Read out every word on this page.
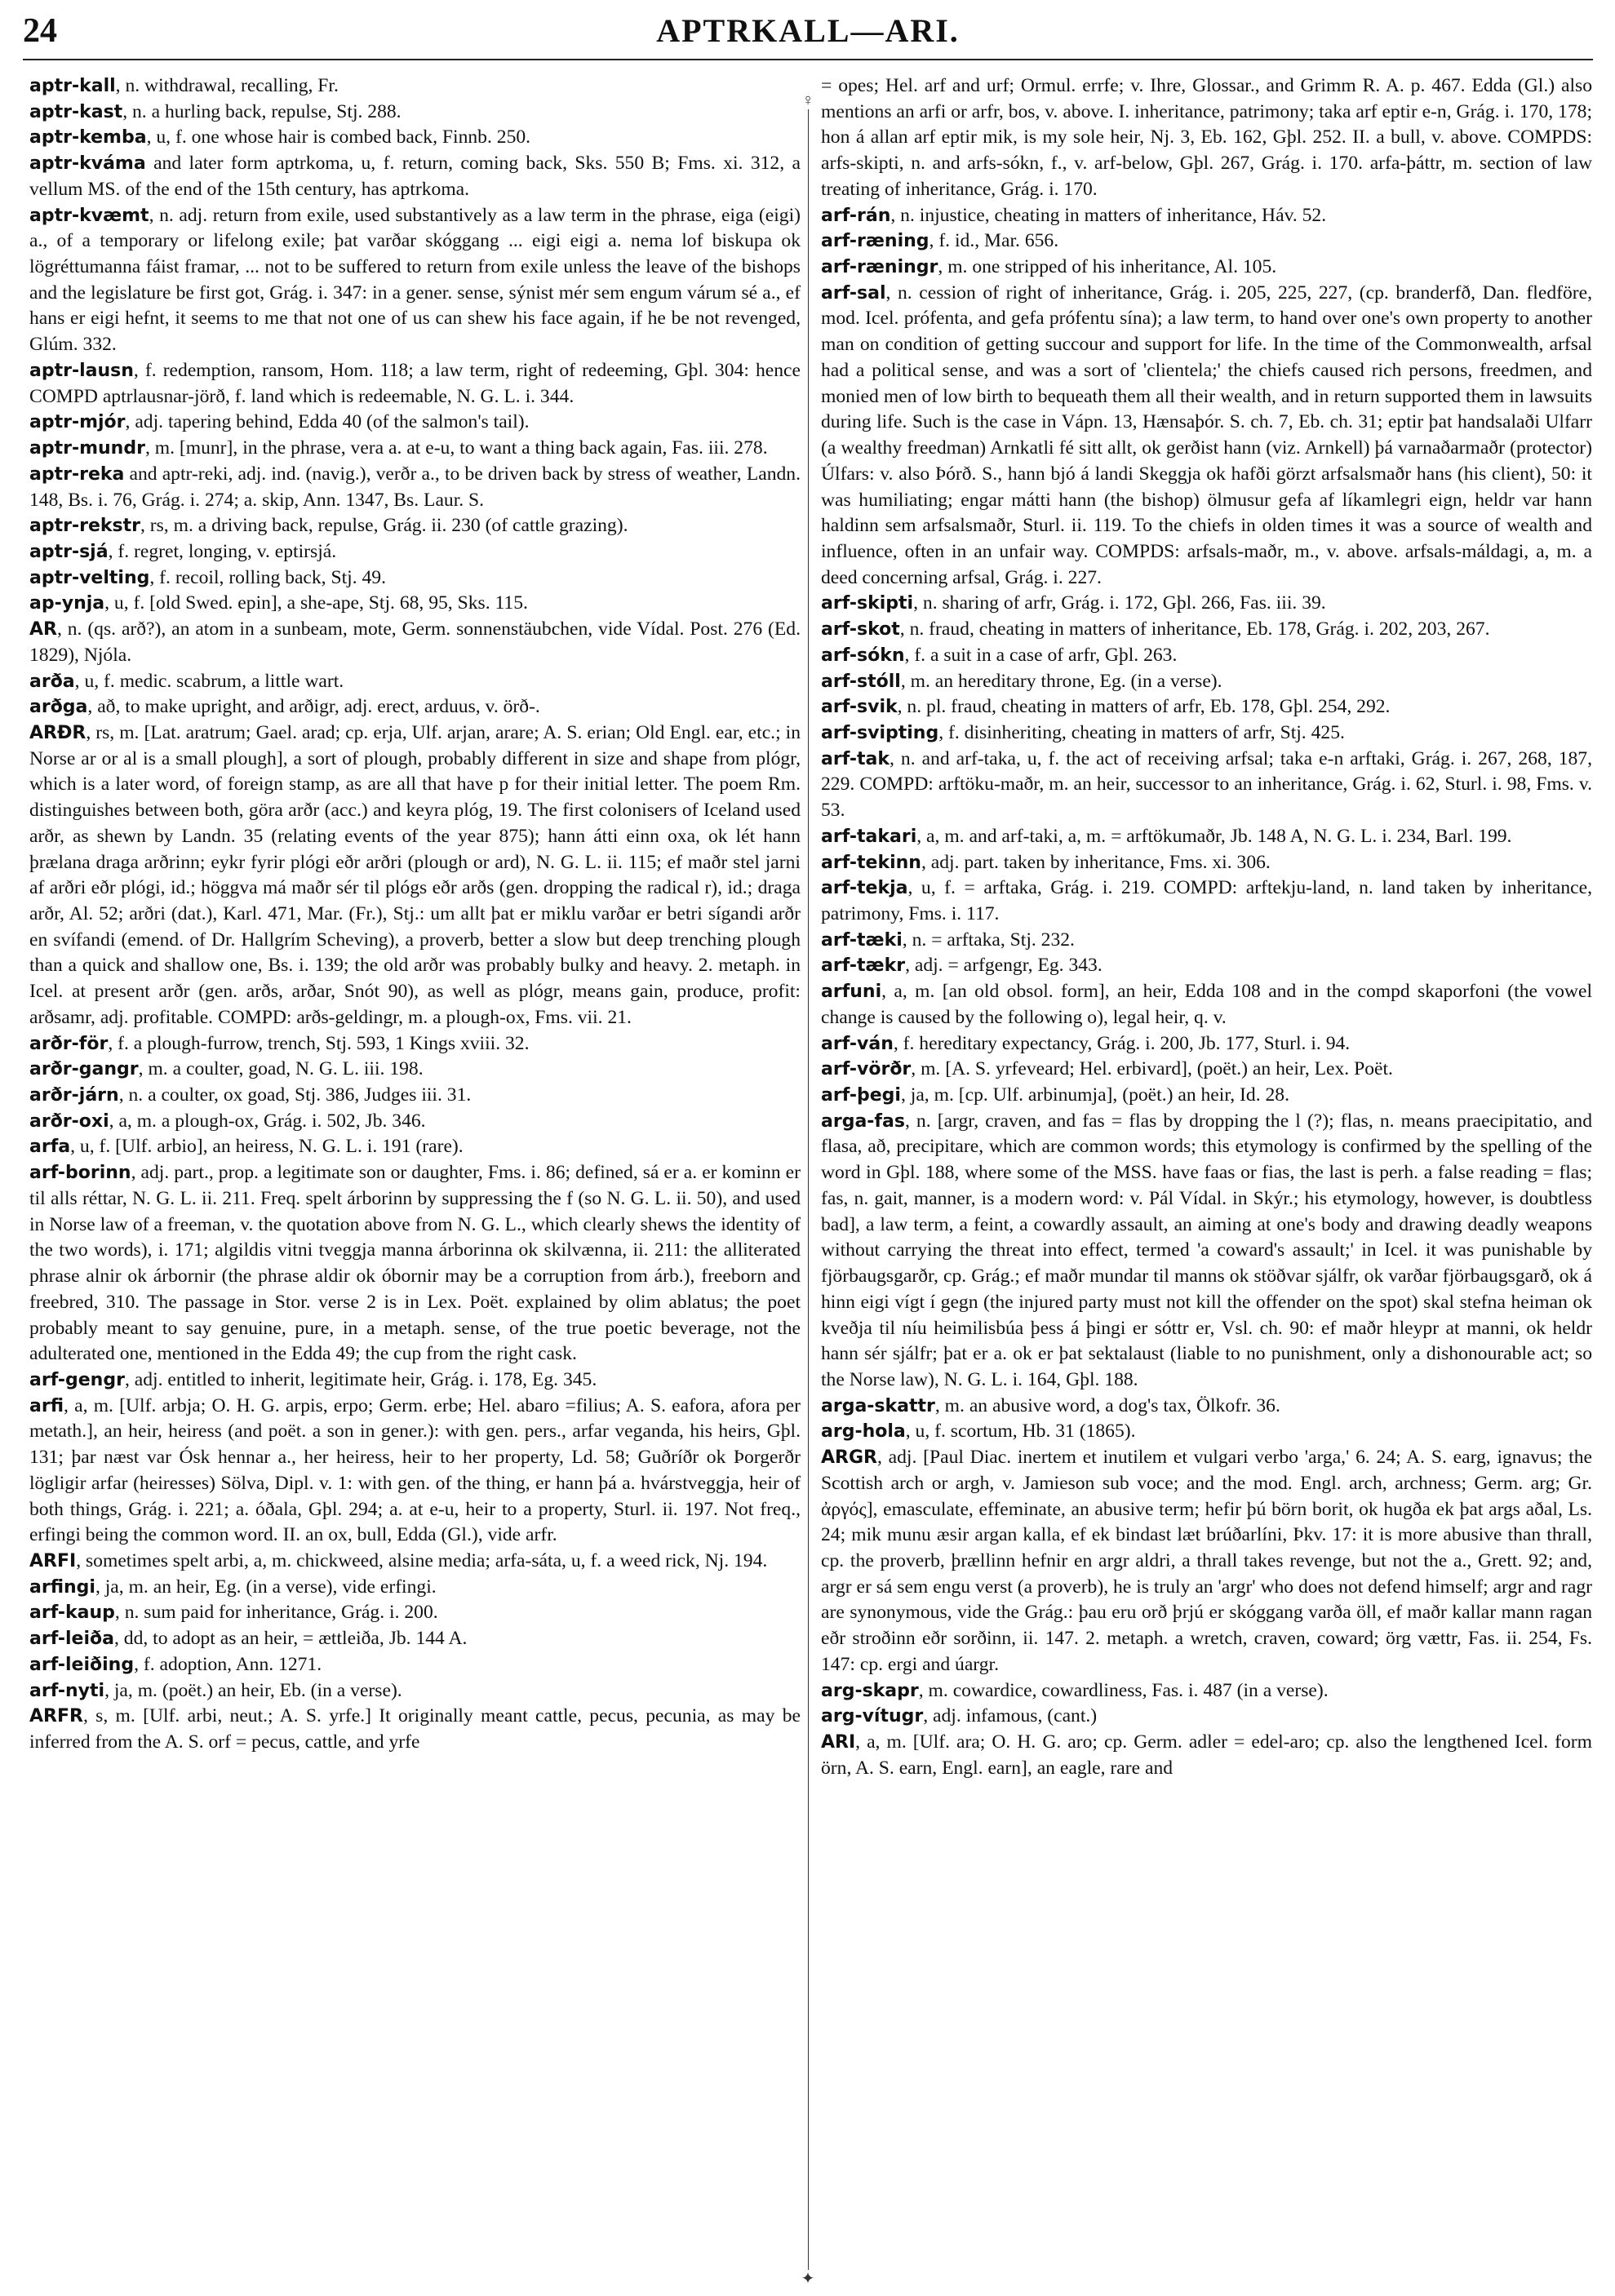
24	APTRKALL—ARI.

aptr-kall, n. withdrawal, recalling, Fr.

aptr-kast, n. a hurling back, repulse, Stj. 288.

aptr-kemba, u, f. one whose hair is combed back, Finnb. 250.

aptr-kváma and later form aptrkoma, u, f. return, coming back, Sks. 550 B; Fms. xi. 312, a vellum MS. of the end of the 15th century, has aptrkoma.

aptr-kvæmt, n. adj. return from exile, used substantively as a law term in the phrase, eiga (eigi) a., of a temporary or lifelong exile; þat varðar skóggang ... eigi eigi a. nema lof biskupa ok lögréttumanna fáist framar, ... not to be suffered to return from exile unless the leave of the bishops and the legislature be first got, Grág. i. 347: in a gener. sense, sýnist mér sem engum várum sé a., ef hans er eigi hefnt, it seems to me that not one of us can shew his face again, if he be not revenged, Glúm. 332.

aptr-lausn, f. redemption, ransom, Hom. 118; a law term, right of redeeming, Gþl. 304: hence COMPD aptrlausnar-jörð, f. land which is redeemable, N. G. L. i. 344.

aptr-mjór, adj. tapering behind, Edda 40 (of the salmon's tail).

aptr-mundr, m. [munr], in the phrase, vera a. at e-u, to want a thing back again, Fas. iii. 278.

aptr-reka and aptr-reki, adj. ind. (navig.), verðr a., to be driven back by stress of weather, Landn. 148, Bs. i. 76, Grág. i. 274; a. skip, Ann. 1347, Bs. Laur. S.

aptr-rekstr, rs, m. a driving back, repulse, Grág. ii. 230 (of cattle grazing).

aptr-sjá, f. regret, longing, v. eptirsjá.

aptr-velting, f. recoil, rolling back, Stj. 49.

ap-ynja, u, f. [old Swed. epin], a she-ape, Stj. 68, 95, Sks. 115.

AR, n. (qs. arð?), an atom in a sunbeam, mote, Germ. sonnenstäubchen, vide Vídal. Post. 276 (Ed. 1829), Njóla.

arða, u, f. medic. scabrum, a little wart.

arðga, að, to make upright, and arðigr, adj. erect, arduus, v. örð-.

ARÐR, rs, m. [Lat. aratrum; Gael. arad; cp. erja, Ulf. arjan, arare; A. S. erian; Old Engl. ear, etc.; in Norse ar or al is a small plough], a sort of plough, probably different in size and shape from plógr, which is a later word, of foreign stamp, as are all that have p for their initial letter. The poem Rm. distinguishes between both, göra arðr (acc.) and keyra plóg, 19. The first colonisers of Iceland used arðr, as shewn by Landn. 35 (relating events of the year 875); hann átti einn oxa, ok lét hann þrælana draga arðrinn; eykr fyrir plógi eðr arðri (plough or ard), N. G. L. ii. 115; ef maðr stel jarni af arðri eðr plógi, id.; höggva má maðr sér til plógs eðr arðs (gen. dropping the radical r), id.; draga arðr, Al. 52; arðri (dat.), Karl. 471, Mar. (Fr.), Stj.: um allt þat er miklu varðar er betri sígandi arðr en svífandi (emend. of Dr. Hallgrím Scheving), a proverb, better a slow but deep trenching plough than a quick and shallow one, Bs. i. 139; the old arðr was probably bulky and heavy. 2. metaph. in Icel. at present arðr (gen. arðs, arðar, Snót 90), as well as plógr, means gain, produce, profit: arðsamr, adj. profitable. COMPD: arðs-geldingr, m. a plough-ox, Fms. vii. 21.

arðr-för, f. a plough-furrow, trench, Stj. 593, 1 Kings xviii. 32.

arðr-gangr, m. a coulter, goad, N. G. L. iii. 198.

arðr-járn, n. a coulter, ox goad, Stj. 386, Judges iii. 31.

arðr-oxi, a, m. a plough-ox, Grág. i. 502, Jb. 346.

arfa, u, f. [Ulf. arbio], an heiress, N. G. L. i. 191 (rare).

arf-borinn, adj. part., prop. a legitimate son or daughter, Fms. i. 86; defined, sá er a. er kominn er til alls réttar, N. G. L. ii. 211. Freq. spelt árborinn by suppressing the f (so N. G. L. ii. 50), and used in Norse law of a freeman, v. the quotation above from N. G. L., which clearly shews the identity of the two words), i. 171; algildis vitni tveggja manna árborinna ok skilvænna, ii. 211: the alliterated phrase alnir ok árbornir (the phrase aldir ok óbornir may be a corruption from árb.), freeborn and freebred, 310. The passage in Stor. verse 2 is in Lex. Poët. explained by olim ablatus; the poet probably meant to say genuine, pure, in a metaph. sense, of the true poetic beverage, not the adulterated one, mentioned in the Edda 49; the cup from the right cask.

arf-gengr, adj. entitled to inherit, legitimate heir, Grág. i. 178, Eg. 345.

arfi, a, m. [Ulf. arbja; O. H. G. arpis, erpo; Germ. erbe; Hel. abaro =filius; A. S. eafora, afora per metath.], an heir, heiress (and poët. a son in gener.): with gen. pers., arfar veganda, his heirs, Gþl. 131; þar næst var Ósk hennar a., her heiress, heir to her property, Ld. 58; Guðríðr ok Þorgerðr lögligir arfar (heiresses) Sölva, Dipl. v. 1: with gen. of the thing, er hann þá a. hvárstveggja, heir of both things, Grág. i. 221; a. óðala, Gþl. 294; a. at e-u, heir to a property, Sturl. ii. 197. Not freq., erfingi being the common word. II. an ox, bull, Edda (Gl.), vide arfr.

ARFI, sometimes spelt arbi, a, m. chickweed, alsine media; arfa-sáta, u, f. a weed rick, Nj. 194.

arfingi, ja, m. an heir, Eg. (in a verse), vide erfingi.

arf-kaup, n. sum paid for inheritance, Grág. i. 200.

arf-leiða, dd, to adopt as an heir, = ættleiða, Jb. 144 A.

arf-leiðing, f. adoption, Ann. 1271.

arf-nyti, ja, m. (poët.) an heir, Eb. (in a verse).

ARFR, s, m. [Ulf. arbi, neut.; A. S. yrfe.] It originally meant cattle, pecus, pecunia, as may be inferred from the A. S. orf = pecus, cattle, and yrfe

♀
✦

= opes; Hel. arf and urf; Ormul. errfe; v. Ihre, Glossar., and Grimm R. A. p. 467. Edda (Gl.) also mentions an arfi or arfr, bos, v. above. I. inheritance, patrimony; taka arf eptir e-n, Grág. i. 170, 178; hon á allan arf eptir mik, is my sole heir, Nj. 3, Eb. 162, Gþl. 252. II. a bull, v. above. COMPDS: arfs-skipti, n. and arfs-sókn, f., v. arf-below, Gþl. 267, Grág. i. 170. arfa-þáttr, m. section of law treating of inheritance, Grág. i. 170.

arf-rán, n. injustice, cheating in matters of inheritance, Háv. 52.

arf-ræning, f. id., Mar. 656.

arf-ræningr, m. one stripped of his inheritance, Al. 105.

arf-sal, n. cession of right of inheritance, Grág. i. 205, 225, 227, (cp. branderfð, Dan. fledföre, mod. Icel. prófenta, and gefa prófentu sína); a law term, to hand over one's own property to another man on condition of getting succour and support for life. In the time of the Commonwealth, arfsal had a political sense, and was a sort of 'clientela;' the chiefs caused rich persons, freedmen, and monied men of low birth to bequeath them all their wealth, and in return supported them in lawsuits during life. Such is the case in Vápn. 13, Hænsaþór. S. ch. 7, Eb. ch. 31; eptir þat handsalaði Ulfarr (a wealthy freedman) Arnkatli fé sitt allt, ok gerðist hann (viz. Arnkell) þá varnaðarmaðr (protector) Úlfars: v. also Þórð. S., hann bjó á landi Skeggja ok hafði görzt arfsalsmaðr hans (his client), 50: it was humiliating; engar mátti hann (the bishop) ölmusur gefa af líkamlegri eign, heldr var hann haldinn sem arfsalsmaðr, Sturl. ii. 119. To the chiefs in olden times it was a source of wealth and influence, often in an unfair way. COMPDS: arfsals-maðr, m., v. above. arfsals-máldagi, a, m. a deed concerning arfsal, Grág. i. 227.

arf-skipti, n. sharing of arfr, Grág. i. 172, Gþl. 266, Fas. iii. 39.

arf-skot, n. fraud, cheating in matters of inheritance, Eb. 178, Grág. i. 202, 203, 267.

arf-sókn, f. a suit in a case of arfr, Gþl. 263.

arf-stóll, m. an hereditary throne, Eg. (in a verse).

arf-svik, n. pl. fraud, cheating in matters of arfr, Eb. 178, Gþl. 254, 292.

arf-svipting, f. disinheriting, cheating in matters of arfr, Stj. 425.

arf-tak, n. and arf-taka, u, f. the act of receiving arfsal; taka e-n arftaki, Grág. i. 267, 268, 187, 229. COMPD: arftöku-maðr, m. an heir, successor to an inheritance, Grág. i. 62, Sturl. i. 98, Fms. v. 53.

arf-takari, a, m. and arf-taki, a, m. = arftökumaðr, Jb. 148 A, N. G. L. i. 234, Barl. 199.

arf-tekinn, adj. part. taken by inheritance, Fms. xi. 306.

arf-tekja, u, f. = arftaka, Grág. i. 219. COMPD: arftekju-land, n. land taken by inheritance, patrimony, Fms. i. 117.

arf-tæki, n. = arftaka, Stj. 232.

arf-tækr, adj. = arfgengr, Eg. 343.

arfuni, a, m. [an old obsol. form], an heir, Edda 108 and in the compd skaporfoni (the vowel change is caused by the following o), legal heir, q. v.

arf-ván, f. hereditary expectancy, Grág. i. 200, Jb. 177, Sturl. i. 94.

arf-vörðr, m. [A. S. yrfeveard; Hel. erbivard], (poët.) an heir, Lex. Poët.

arf-þegi, ja, m. [cp. Ulf. arbinumja], (poët.) an heir, Id. 28.

arga-fas, n. [argr, craven, and fas = flas by dropping the l (?); flas, n. means praecipitatio, and flasa, að, precipitare, which are common words; this etymology is confirmed by the spelling of the word in Gþl. 188, where some of the MSS. have faas or fias, the last is perh. a false reading = flas; fas, n. gait, manner, is a modern word: v. Pál Vídal. in Skýr.; his etymology, however, is doubtless bad], a law term, a feint, a cowardly assault, an aiming at one's body and drawing deadly weapons without carrying the threat into effect, termed 'a coward's assault;' in Icel. it was punishable by fjörbaugsgarðr, cp. Grág.; ef maðr mundar til manns ok stöðvar sjálfr, ok varðar fjörbaugsgarð, ok á hinn eigi vígt í gegn (the injured party must not kill the offender on the spot) skal stefna heiman ok kveðja til níu heimilisbúa þess á þingi er sóttr er, Vsl. ch. 90: ef maðr hleypr at manni, ok heldr hann sér sjálfr; þat er a. ok er þat sektalaust (liable to no punishment, only a dishonourable act; so the Norse law), N. G. L. i. 164, Gþl. 188.

arga-skattr, m. an abusive word, a dog's tax, Ölkofr. 36.

arg-hola, u, f. scortum, Hb. 31 (1865).

ARGR, adj. [Paul Diac. inertem et inutilem et vulgari verbo 'arga,' 6. 24; A. S. earg, ignavus; the Scottish arch or argh, v. Jamieson sub voce; and the mod. Engl. arch, archness; Germ. arg; Gr. ἀργός], emasculate, effeminate, an abusive term; hefir þú börn borit, ok hugða ek þat args aðal, Ls. 24; mik munu æsir argan kalla, ef ek bindast læt brúðarlíni, Þkv. 17: it is more abusive than thrall, cp. the proverb, þrællinn hefnir en argr aldri, a thrall takes revenge, but not the a., Grett. 92; and, argr er sá sem engu verst (a proverb), he is truly an 'argr' who does not defend himself; argr and ragr are synonymous, vide the Grág.: þau eru orð þrjú er skóggang varða öll, ef maðr kallar mann ragan eðr stroðinn eðr sorðinn, ii. 147. 2. metaph. a wretch, craven, coward; örg vættr, Fas. ii. 254, Fs. 147: cp. ergi and úargr.

arg-skapr, m. cowardice, cowardliness, Fas. i. 487 (in a verse).

arg-vítugr, adj. infamous, (cant.)

ARI, a, m. [Ulf. ara; O. H. G. aro; cp. Germ. adler = edel-aro; cp. also the lengthened Icel. form örn, A. S. earn, Engl. earn], an eagle, rare and
